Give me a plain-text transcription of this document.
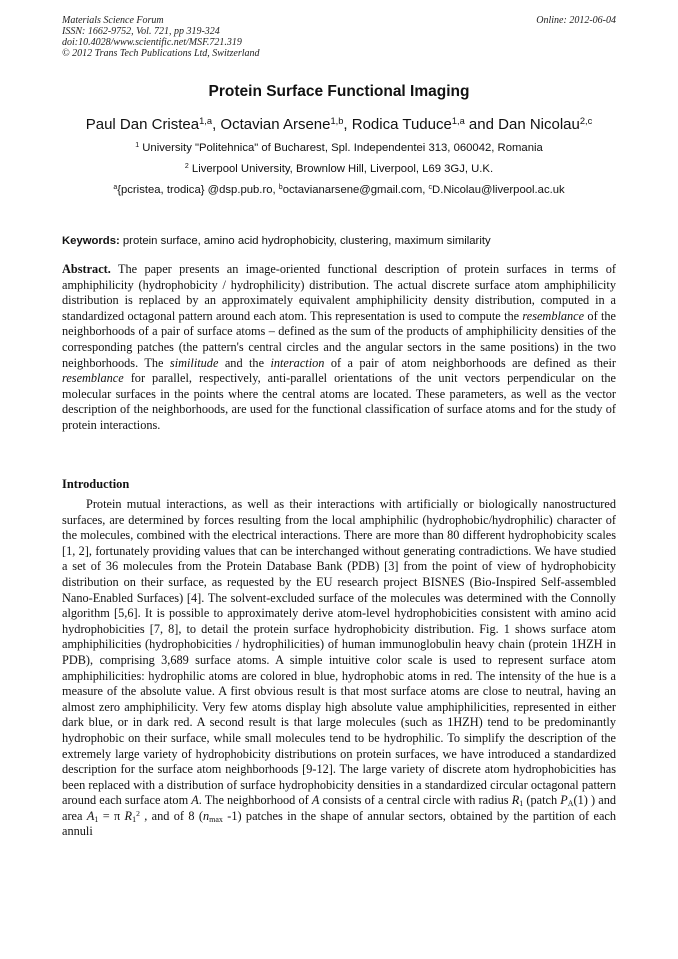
Materials Science Forum
ISSN: 1662-9752, Vol. 721, pp 319-324
doi:10.4028/www.scientific.net/MSF.721.319
© 2012 Trans Tech Publications Ltd, Switzerland
Online: 2012-06-04
Protein Surface Functional Imaging
Paul Dan Cristea$^{1,a}$, Octavian Arsene$^{1,b}$, Rodica Tuduce$^{1,a}$ and Dan Nicolau$^{2,c}$
$^1$ University "Politehnica" of Bucharest, Spl. Independentei 313, 060042, Romania
$^2$ Liverpool University, Brownlow Hill, Liverpool, L69 3GJ, U.K.
$^a${pcristea, trodica} @dsp.pub.ro, $^b$octavianarsene@gmail.com, $^c$D.Nicolau@liverpool.ac.uk
Keywords: protein surface, amino acid hydrophobicity, clustering, maximum similarity
Abstract. The paper presents an image-oriented functional description of protein surfaces in terms of amphiphilicity (hydrophobicity / hydrophilicity) distribution. The actual discrete surface atom amphiphilicity distribution is replaced by an approximately equivalent amphiphilicity density distribution, computed in a standardized octagonal pattern around each atom. This representation is used to compute the resemblance of the neighborhoods of a pair of surface atoms – defined as the sum of the products of amphiphilicity densities of the corresponding patches (the pattern's central circles and the angular sectors in the same positions) in the two neighborhoods. The similitude and the interaction of a pair of atom neighborhoods are defined as their resemblance for parallel, respectively, anti-parallel orientations of the unit vectors perpendicular on the molecular surfaces in the points where the central atoms are located. These parameters, as well as the vector description of the neighborhoods, are used for the functional classification of surface atoms and for the study of protein interactions.
Introduction
Protein mutual interactions, as well as their interactions with artificially or biologically nanostructured surfaces, are determined by forces resulting from the local amphiphilic (hydrophobic/hydrophilic) character of the molecules, combined with the electrical interactions. There are more than 80 different hydrophobicity scales [1, 2], fortunately providing values that can be interchanged without generating contradictions. We have studied a set of 36 molecules from the Protein Database Bank (PDB) [3] from the point of view of hydrophobicity distribution on their surface, as requested by the EU research project BISNES (Bio-Inspired Self-assembled Nano-Enabled Surfaces) [4]. The solvent-excluded surface of the molecules was determined with the Connolly algorithm [5,6]. It is possible to approximately derive atom-level hydrophobicities consistent with amino acid hydrophobicities [7, 8], to detail the protein surface hydrophobicity distribution. Fig. 1 shows surface atom amphiphilicities (hydrophobicities / hydrophilicities) of human immunoglobulin heavy chain (protein 1HZH in PDB), comprising 3,689 surface atoms. A simple intuitive color scale is used to represent surface atom amphiphilicities: hydrophilic atoms are colored in blue, hydrophobic atoms in red. The intensity of the hue is a measure of the absolute value. A first obvious result is that most surface atoms are close to neutral, having an almost zero amphiphilicity. Very few atoms display high absolute value amphiphilicities, represented in either dark blue, or in dark red. A second result is that large molecules (such as 1HZH) tend to be predominantly hydrophobic on their surface, while small molecules tend to be hydrophilic. To simplify the description of the extremely large variety of hydrophobicity distributions on protein surfaces, we have introduced a standardized description for the surface atom neighborhoods [9-12]. The large variety of discrete atom hydrophobicities has been replaced with a distribution of surface hydrophobicity densities in a standardized circular octagonal pattern around each surface atom A. The neighborhood of A consists of a central circle with radius $R_1$ (patch $P_A(1)$ ) and area $A_1 = \pi$ $R_1^2$ , and of 8 ($n_{max}$ -1) patches in the shape of annular sectors, obtained by the partition of each annuli
